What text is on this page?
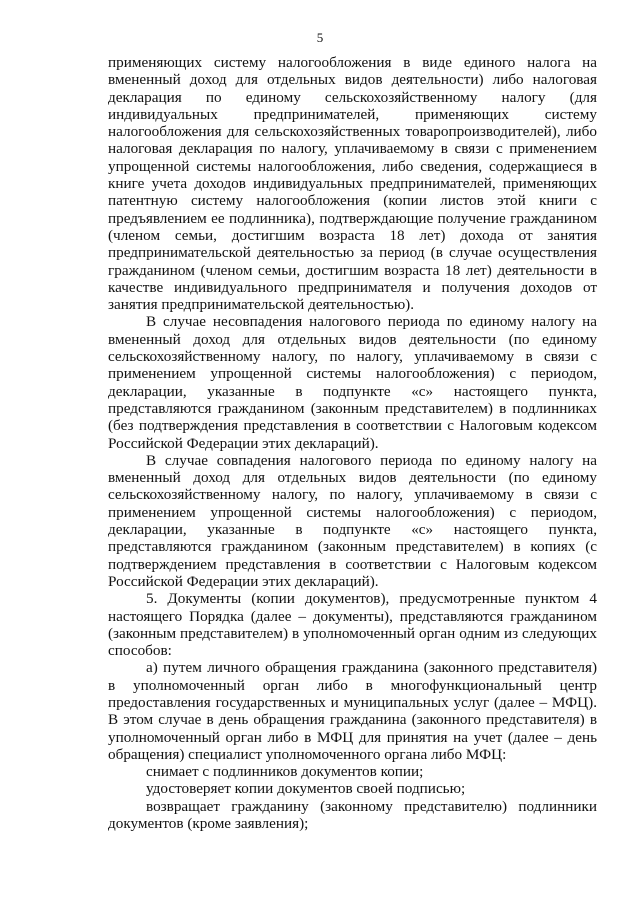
5

применяющих систему налогообложения в виде единого налога на вмененный доход для отдельных видов деятельности) либо налоговая декларация по единому сельскохозяйственному налогу (для индивидуальных предпринимателей, применяющих систему налогообложения для сельскохозяйственных товаропроизводителей), либо налоговая декларация по налогу, уплачиваемому в связи с применением упрощенной системы налогообложения, либо сведения, содержащиеся в книге учета доходов индивидуальных предпринимателей, применяющих патентную систему налогообложения (копии листов этой книги с предъявлением ее подлинника), подтверждающие получение гражданином (членом семьи, достигшим возраста 18 лет) дохода от занятия предпринимательской деятельностью за период (в случае осуществления гражданином (членом семьи, достигшим возраста 18 лет) деятельности в качестве индивидуального предпринимателя и получения доходов от занятия предпринимательской деятельностью).

В случае несовпадения налогового периода по единому налогу на вмененный доход для отдельных видов деятельности (по единому сельскохозяйственному налогу, по налогу, уплачиваемому в связи с применением упрощенной системы налогообложения) с периодом, декларации, указанные в подпункте «с» настоящего пункта, представляются гражданином (законным представителем) в подлинниках (без подтверждения представления в соответствии с Налоговым кодексом Российской Федерации этих деклараций).

В случае совпадения налогового периода по единому налогу на вмененный доход для отдельных видов деятельности (по единому сельскохозяйственному налогу, по налогу, уплачиваемому в связи с применением упрощенной системы налогообложения) с периодом, декларации, указанные в подпункте «с» настоящего пункта, представляются гражданином (законным представителем) в копиях (с подтверждением представления в соответствии с Налоговым кодексом Российской Федерации этих деклараций).

5. Документы (копии документов), предусмотренные пунктом 4 настоящего Порядка (далее – документы), представляются гражданином (законным представителем) в уполномоченный орган одним из следующих способов:

а) путем личного обращения гражданина (законного представителя) в уполномоченный орган либо в многофункциональный центр предоставления государственных и муниципальных услуг (далее – МФЦ). В этом случае в день обращения гражданина (законного представителя) в уполномоченный орган либо в МФЦ для принятия на учет (далее – день обращения) специалист уполномоченного органа либо МФЦ:

снимает с подлинников документов копии;

удостоверяет копии документов своей подписью;

возвращает гражданину (законному представителю) подлинники документов (кроме заявления);
